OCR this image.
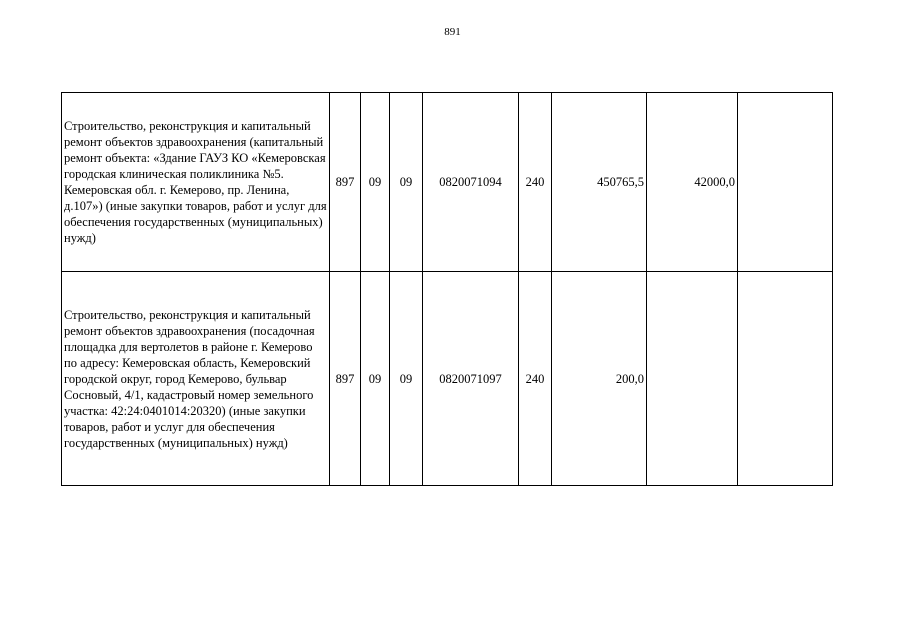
891
Строительство, реконструкция и капитальный ремонт объектов здравоохранения (капитальный ремонт объекта: «Здание ГАУЗ КО «Кемеровская городская клиническая поликлиника №5. Кемеровская обл. г. Кемерово, пр. Ленина, д.107») (иные закупки товаров, работ и услуг для обеспечения государственных (муниципальных) нужд)	897	09	09	0820071094	240	450765,5	42000,0	
Строительство, реконструкция и капитальный ремонт объектов здравоохранения (посадочная площадка для вертолетов в районе г. Кемерово по адресу: Кемеровская область, Кемеровский городской округ, город Кемерово, бульвар Сосновый, 4/1, кадастровый номер земельного участка: 42:24:0401014:20320) (иные закупки товаров, работ и услуг для обеспечения государственных (муниципальных) нужд)	897	09	09	0820071097	240	200,0		
